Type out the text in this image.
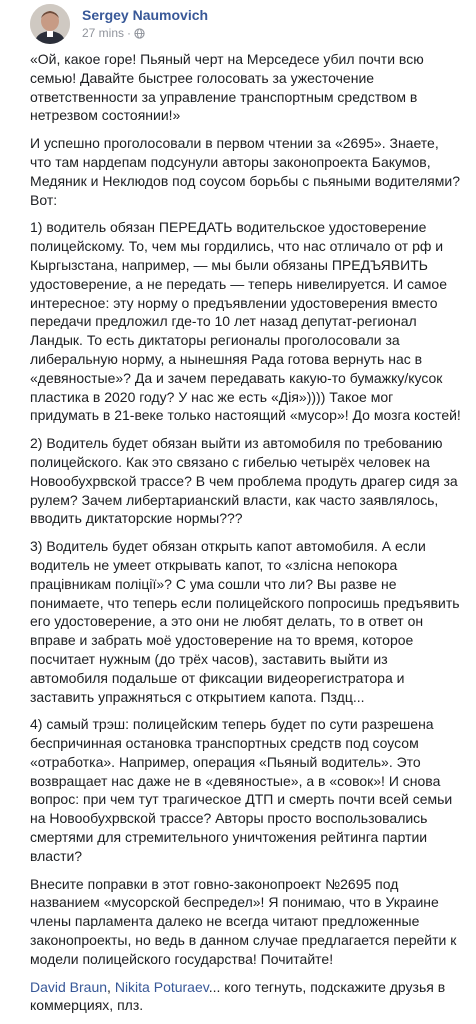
Sergey Naumovich
27 mins ·

«Ой, какое горе! Пьяный черт на Мерседесе убил почти всю семью! Давайте быстрее голосовать за ужесточение ответственности за управление транспортным средством в нетрезвом состоянии!»

И успешно проголосовали в первом чтении за «2695». Знаете, что там нардепам подсунули авторы законопроекта Бакумов, Медяник и Неклюдов под соусом борьбы с пьяными водителями? Вот:

1) водитель обязан ПЕРЕДАТЬ водительское удостоверение полицейскому. То, чем мы гордились, что нас отличало от рф и Кыргызстана, например, — мы были обязаны ПРЕДЪЯВИТЬ удостоверение, а не передать — теперь нивелируется. И самое интересное: эту норму о предъявлении удостоверения вместо передачи предложил где-то 10 лет назад депутат-регионал Ландык. То есть диктаторы регионалы проголосовали за либеральную норму, а нынешняя Рада готова вернуть нас в «девяностые»? Да и зачем передавать какую-то бумажку/кусок пластика в 2020 году? У нас же есть «Дія»)))) Такое мог придумать в 21-веке только настоящий «мусор»! До мозга костей!

2) Водитель будет обязан выйти из автомобиля по требованию полицейского. Как это связано с гибелью четырёх человек на Новообухрвской трассе? В чем проблема продуть драгер сидя за рулем? Зачем либертарианский власти, как часто заявлялось, вводить диктаторские нормы???

3) Водитель будет обязан открыть капот автомобиля. А если водитель не умеет открывать капот, то «злісна непокора працівникам поліції»? С ума сошли что ли? Вы разве не понимаете, что теперь если полицейского попросишь предъявить его удостоверение, а это они не любят делать, то в ответ он вправе и забрать моё удостоверение на то время, которое посчитает нужным (до трёх часов), заставить выйти из автомобиля подальше от фиксации видеорегистратора и заставить упражняться с открытием капота. Пздц...

4) самый трэш: полицейским теперь будет по сути разрешена беспричинная остановка транспортных средств под соусом «отработка». Например, операция «Пьяный водитель». Это возвращает нас даже не в «девяностые», а в «совок»! И снова вопрос: при чем тут трагическое ДТП и смерть почти всей семьи на Новообухрвской трассе? Авторы просто воспользовались смертями для стремительного уничтожения рейтинга партии власти?

Внесите поправки в этот говно-законопроект №2695 под названием «мусорской беспредел»! Я понимаю, что в Украине члены парламента далеко не всегда читают предложенные законопроекты, но ведь в данном случае предлагается перейти к модели полицейского государства! Почитайте!

David Braun, Nikita Poturaev... кого тегнуть, подскажите друзья в коммерциях, плз.
